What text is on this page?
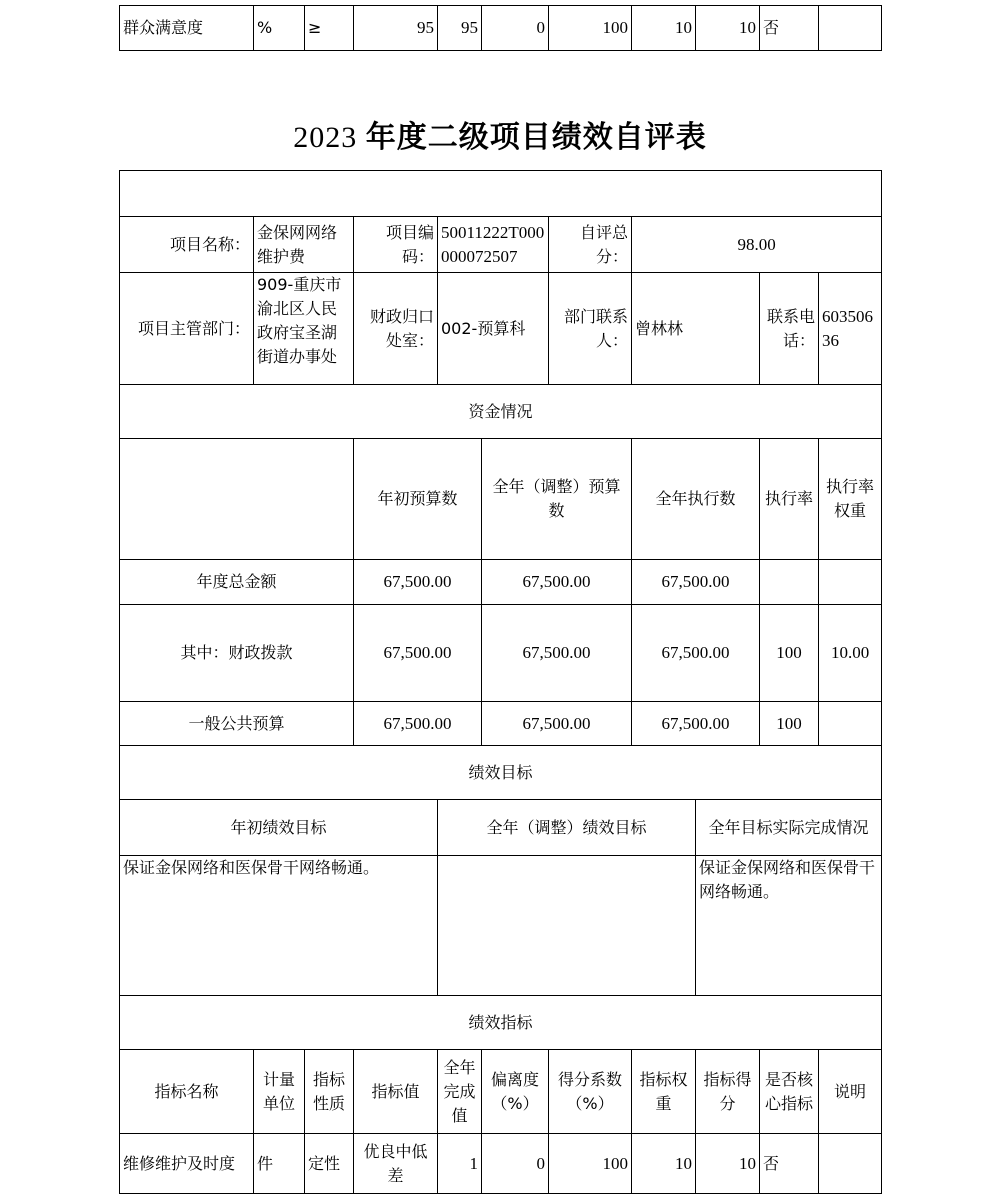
群众满意度	%	≥	95	95	0	100	10	10	否	
2023 年度二级项目绩效自评表

项目名称：	金保网网络维护费		项目编码：	50011222T000000072507		自评总分：	98.00				
项目主管部门：	909-重庆市渝北区人民政府宝圣湖街道办事处		财政归口处室：	002-预算科		部门联系人：	曾林林		联系电话：	60350636	
资金情况											
			年初预算数		全年（调整）预算数		全年执行数		执行率	执行率权重	
年度总金额			67,500.00		67,500.00		67,500.00				
其中：财政拨款			67,500.00		67,500.00		67,500.00		100	10.00	
一般公共预算			67,500.00		67,500.00		67,500.00		100		
绩效目标											
年初绩效目标				全年（调整）绩效目标				全年目标实际完成情况			
保证金保网络和医保骨干网络畅通。								保证金保网络和医保骨干网络畅通。			
绩效指标											
指标名称	计量单位	指标性质	指标值	全年完成值	偏离度（%）	得分系数（%）	指标权重	指标得分	是否核心指标	说明	
维修维护及时度	件	定性	优良中低差	1	0	100	10	10	否		
